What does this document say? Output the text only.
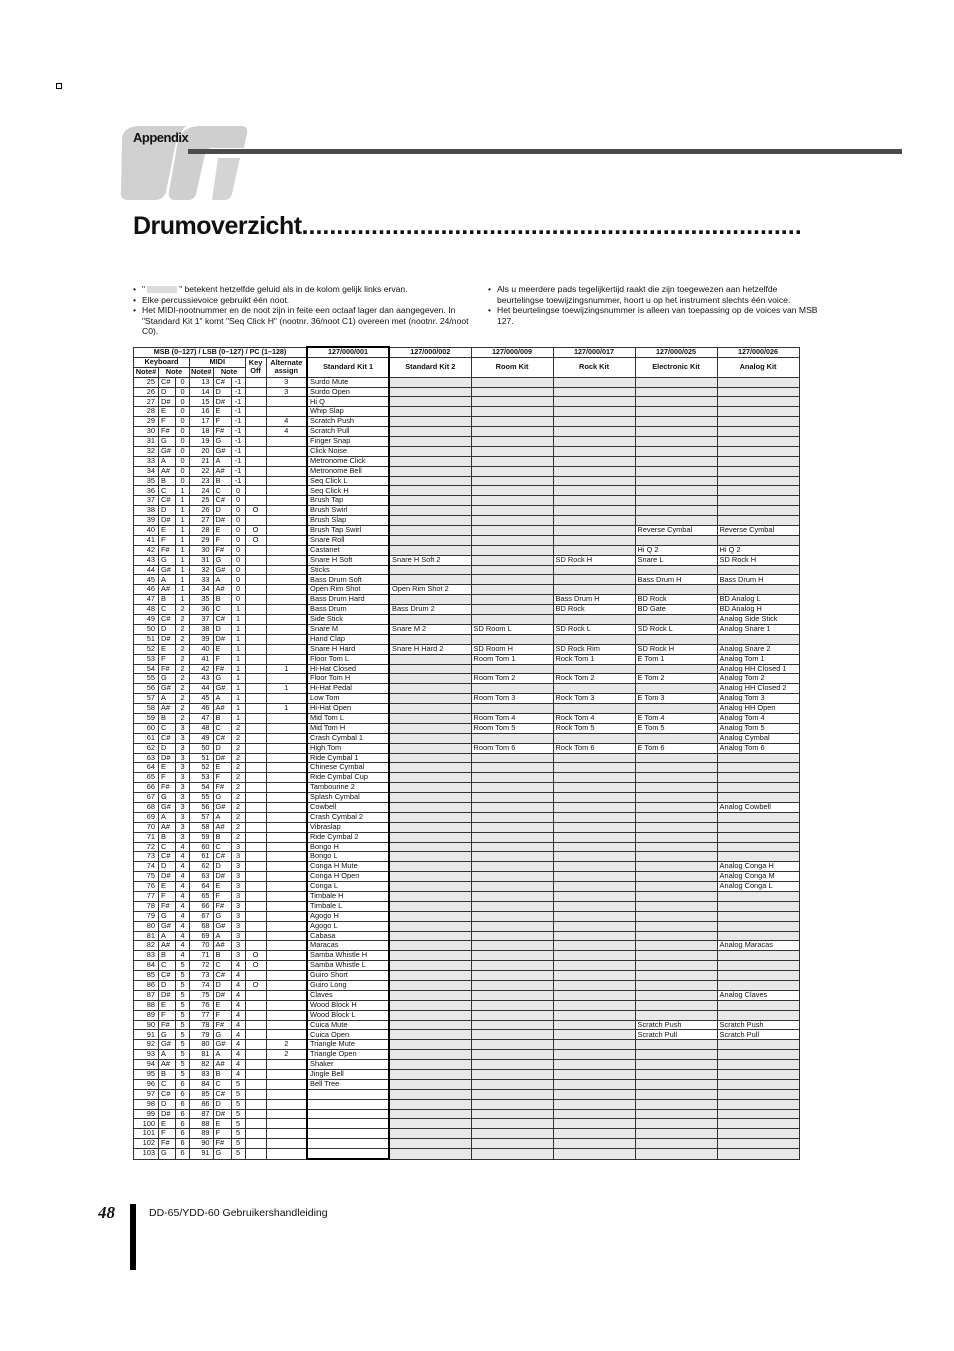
Appendix
Drumoverzicht........................................................................

• "	" betekent hetzelfde geluid als in de kolom gelijk links ervan.

• Elke percussievoice gebruikt één noot.

• Het MIDI-nootnummer en de noot zijn in feite een octaaf lager dan aangegeven. In "Standard Kit 1" komt "Seq Click H" (nootnr. 36/noot C1) overeen met (nootnr. 24/noot C0).

• Als u meerdere pads tegelijkertijd raakt die zijn toegewezen aan hetzelfde beurtelingse toewijzingsnummer, hoort u op het instrument slechts één voice.

• Het beurtelingse toewijzingsnummer is alleen van toepassing op de voices van MSB 127.

MSB (0–127) / LSB (0–127) / PC (1–128)								127/000/001	127/000/002	127/000/009	127/000/017	127/000/025	127/000/026
Keyboard			MIDI			Key Off	Alternate assign	Standard Kit 1	Standard Kit 2	Room Kit	Rock Kit	Electronic Kit	Analog Kit
Note#	Note		Note#	Note									
25	C#	0	13	C#	-1		3	Surdo Mute					
26	D	0	14	D	-1		3	Surdo Open					
27	D#	0	15	D#	-1			Hi Q					
28	E	0	16	E	-1			Whip Slap					
29	F	0	17	F	-1		4	Scratch Push					
30	F#	0	18	F#	-1		4	Scratch Pull					
31	G	0	19	G	-1			Finger Snap					
32	G#	0	20	G#	-1			Click Noise					
33	A	0	21	A	-1			Metronome Click					
34	A#	0	22	A#	-1			Metronome Bell					
35	B	0	23	B	-1			Seq Click L					
36	C	1	24	C	0			Seq Click H					
37	C#	1	25	C#	0			Brush Tap					
38	D	1	26	D	0	O		Brush Swirl					
39	D#	1	27	D#	0			Brush Slap					
40	E	1	28	E	0	O		Brush Tap Swirl				Reverse Cymbal	Reverse Cymbal
41	F	1	29	F	0	O		Snare Roll					
42	F#	1	30	F#	0			Castanet				Hi Q 2	Hi Q 2
43	G	1	31	G	0			Snare H Soft	Snare H Soft 2		SD Rock H	Snare L	SD Rock H
44	G#	1	32	G#	0			Sticks					
45	A	1	33	A	0			Bass Drum Soft				Bass Drum H	Bass Drum H
46	A#	1	34	A#	0			Open Rim Shot	Open Rim Shot 2				
47	B	1	35	B	0			Bass Drum Hard			Bass Drum H	BD Rock	BD Analog L
48	C	2	36	C	1			Bass Drum	Bass Drum 2		BD Rock	BD Gate	BD Analog H
49	C#	2	37	C#	1			Side Stick					Analog Side Stick
50	D	2	38	D	1			Snare M	Snare M 2	SD Room L	SD Rock L	SD Rock L	Analog Snare 1
51	D#	2	39	D#	1			Hand Clap					
52	E	2	40	E	1			Snare H Hard	Snare H Hard 2	SD Room H	SD Rock Rim	SD Rock H	Analog Snare 2
53	F	2	41	F	1			Floor Tom L		Room Tom 1	Rock Tom 1	E Tom 1	Analog Tom 1
54	F#	2	42	F#	1		1	Hi-Hat Closed					Analog HH Closed 1
55	G	2	43	G	1			Floor Tom H		Room Tom 2	Rock Tom 2	E Tom 2	Analog Tom 2
56	G#	2	44	G#	1		1	Hi-Hat Pedal					Analog HH Closed 2
57	A	2	45	A	1			Low Tom		Room Tom 3	Rock Tom 3	E Tom 3	Analog Tom 3
58	A#	2	46	A#	1		1	Hi-Hat Open					Analog HH Open
59	B	2	47	B	1			Mid Tom L		Room Tom 4	Rock Tom 4	E Tom 4	Analog Tom 4
60	C	3	48	C	2			Mid Tom H		Room Tom 5	Rock Tom 5	E Tom 5	Analog Tom 5
61	C#	3	49	C#	2			Crash Cymbal 1					Analog Cymbal
62	D	3	50	D	2			High Tom		Room Tom 6	Rock Tom 6	E Tom 6	Analog Tom 6
63	D#	3	51	D#	2			Ride Cymbal 1					
64	E	3	52	E	2			Chinese Cymbal					
65	F	3	53	F	2			Ride Cymbal Cup					
66	F#	3	54	F#	2			Tambourine 2					
67	G	3	55	G	2			Splash Cymbal					
68	G#	3	56	G#	2			Cowbell					Analog Cowbell
69	A	3	57	A	2			Crash Cymbal 2					
70	A#	3	58	A#	2			Vibraslap					
71	B	3	59	B	2			Ride Cymbal 2					
72	C	4	60	C	3			Bongo H					
73	C#	4	61	C#	3			Bongo L					
74	D	4	62	D	3			Conga H Mute					Analog Conga H
75	D#	4	63	D#	3			Conga H Open					Analog Conga M
76	E	4	64	E	3			Conga L					Analog Conga L
77	F	4	65	F	3			Timbale H					
78	F#	4	66	F#	3			Timbale L					
79	G	4	67	G	3			Agogo H					
80	G#	4	68	G#	3			Agogo L					
81	A	4	69	A	3			Cabasa					
82	A#	4	70	A#	3			Maracas					Analog Maracas
83	B	4	71	B	3	O		Samba Whistle H					
84	C	5	72	C	4	O		Samba Whistle L					
85	C#	5	73	C#	4			Guiro Short					
86	D	5	74	D	4	O		Guiro Long					
87	D#	5	75	D#	4			Claves					Analog Claves
88	E	5	76	E	4			Wood Block H					
89	F	5	77	F	4			Wood Block L					
90	F#	5	78	F#	4			Cuica Mute				Scratch Push	Scratch Push
91	G	5	79	G	4			Cuica Open				Scratch Pull	Scratch Pull
92	G#	5	80	G#	4		2	Triangle Mute					
93	A	5	81	A	4		2	Triangle Open					
94	A#	5	82	A#	4			Shaker					
95	B	5	83	B	4			Jingle Bell					
96	C	6	84	C	5			Bell Tree					
97	C#	6	85	C#	5								
98	D	6	86	D	5								
99	D#	6	87	D#	5								
100	E	6	88	E	5								
101	F	6	89	F	5								
102	F#	6	90	F#	5								
103	G	6	91	G	5								
48	DD-65/YDD-60 Gebruikershandleiding
